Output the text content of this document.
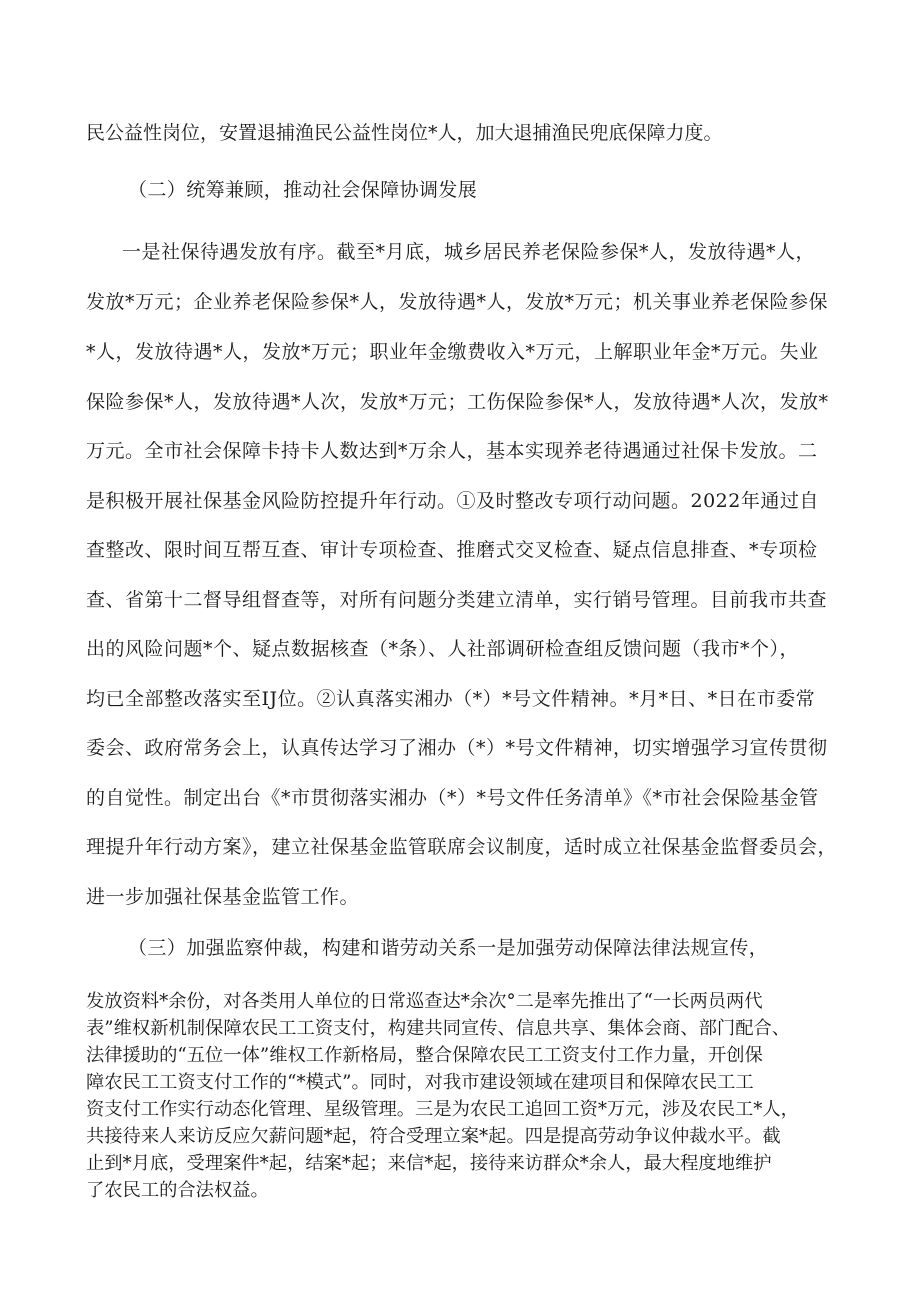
民公益性岗位，安置退捕渔民公益性岗位*人，加大退捕渔民兜底保障力度。
（二）统筹兼顾，推动社会保障协调发展
一是社保待遇发放有序。截至*月底，城乡居民养老保险参保*人，发放待遇*人，
发放*万元；企业养老保险参保*人，发放待遇*人，发放*万元；机关事业养老保险参保
*人，发放待遇*人，发放*万元；职业年金缴费收入*万元，上解职业年金*万元。失业
保险参保*人，发放待遇*人次，发放*万元；工伤保险参保*人，发放待遇*人次，发放*
万元。全市社会保障卡持卡人数达到*万余人，基本实现养老待遇通过社保卡发放。二
是积极开展社保基金风险防控提升年行动。①及时整改专项行动问题。2022年通过自
查整改、限时间互帮互查、审计专项检查、推磨式交叉检查、疑点信息排查、*专项检
查、省第十二督导组督查等，对所有问题分类建立清单，实行销号管理。目前我市共查
出的风险问题*个、疑点数据核查（*条）、人社部调研检查组反馈问题（我市*个），
均已全部整改落实至IJ位。②认真落实湘办（*）*号文件精神。*月*日、*日在市委常
委会、政府常务会上，认真传达学习了湘办（*）*号文件精神，切实增强学习宣传贯彻
的自觉性。制定出台《*市贯彻落实湘办（*）*号文件任务清单》《*市社会保险基金管
理提升年行动方案》，建立社保基金监管联席会议制度，适时成立社保基金监督委员会，
进一步加强社保基金监管工作。
（三）加强监察仲裁，构建和谐劳动关系一是加强劳动保障法律法规宣传，
发放资料*余份，对各类用人单位的日常巡查达*余次°二是率先推出了“一长两员两代
表”维权新机制保障农民工工资支付，构建共同宣传、信息共享、集体会商、部门配合、
法律援助的“五位一体”维权工作新格局，整合保障农民工工资支付工作力量，开创保
障农民工工资支付工作的“*模式”。同时，对我市建设领域在建项目和保障农民工工
资支付工作实行动态化管理、星级管理。三是为农民工追回工资*万元，涉及农民工*人，
共接待来人来访反应欠薪问题*起，符合受理立案*起。四是提高劳动争议仲裁水平。截
止到*月底，受理案件*起，结案*起；来信*起，接待来访群众*余人，最大程度地维护
了农民工的合法权益。
